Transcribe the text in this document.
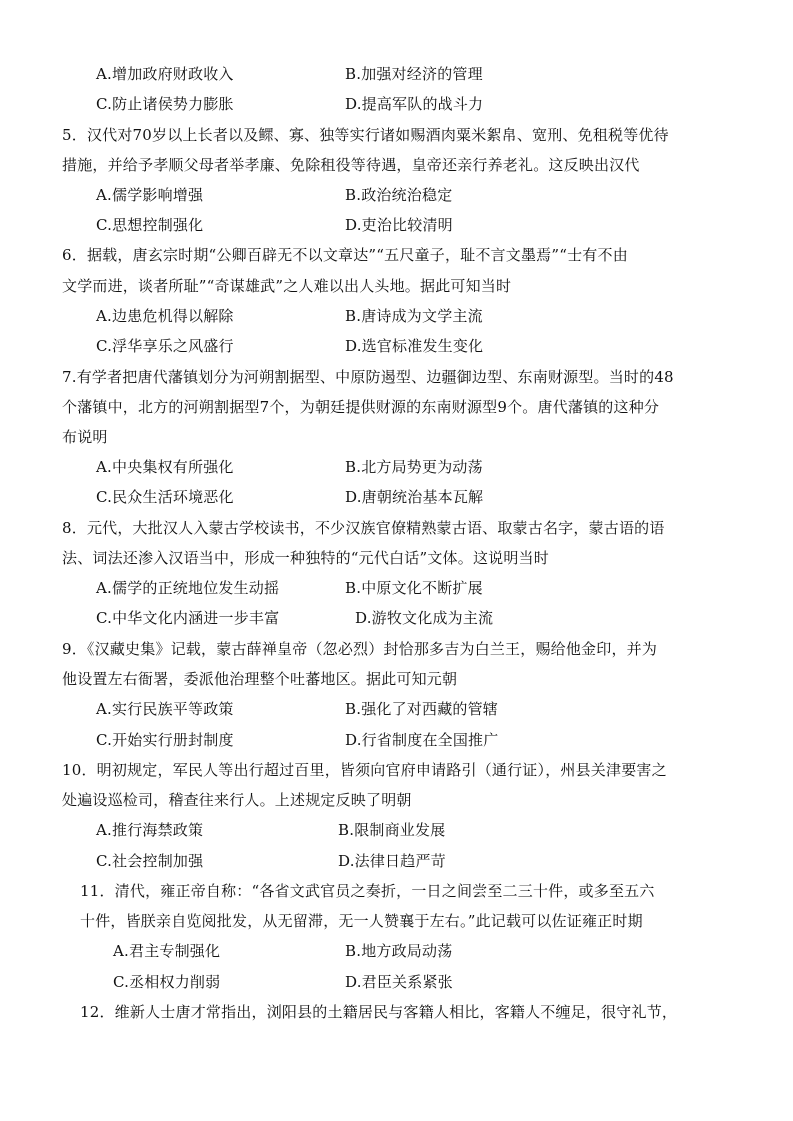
A.增加政府财政收入	B.加强对经济的管理
C.防止诸侯势力膨胀	D.提高军队的战斗力
5．汉代对70岁以上长者以及鳏、寡、独等实行诸如赐酒肉粟米絮帛、宽刑、免租税等优待
措施，并给予孝顺父母者举孝廉、免除租役等待遇，皇帝还亲行养老礼。这反映出汉代
A.儒学影响增强	B.政治统治稳定
C.思想控制强化	D.吏治比较清明
6．据载，唐玄宗时期“公卿百辟无不以文章达”“五尺童子，耻不言文墨焉”“士有不由
文学而进，谈者所耻”“奇谋雄武”之人难以出人头地。据此可知当时
A.边患危机得以解除	B.唐诗成为文学主流
C.浮华享乐之风盛行	D.选官标准发生变化
7.有学者把唐代藩镇划分为河朔割据型、中原防遏型、边疆御边型、东南财源型。当时的48
个藩镇中，北方的河朔割据型7个，为朝廷提供财源的东南财源型9个。唐代藩镇的这种分
布说明
A.中央集权有所强化	B.北方局势更为动荡
C.民众生活环境恶化	D.唐朝统治基本瓦解
8．元代，大批汉人入蒙古学校读书，不少汉族官僚精熟蒙古语、取蒙古名字，蒙古语的语
法、词法还渗入汉语当中，形成一种独特的“元代白话”文体。这说明当时
A.儒学的正统地位发生动摇	B.中原文化不断扩展
C.中华文化内涵进一步丰富	D.游牧文化成为主流
9．《汉藏史集》记载，蒙古薛禅皇帝（忽必烈）封恰那多吉为白兰王，赐给他金印，并为
他设置左右衙署，委派他治理整个吐蕃地区。据此可知元朝
A.实行民族平等政策	B.强化了对西藏的管辖
C.开始实行册封制度	D.行省制度在全国推广
10．明初规定，军民人等出行超过百里，皆须向官府申请路引（通行证），州县关津要害之
处遍设巡检司，稽查往来行人。上述规定反映了明朝
A.推行海禁政策	B.限制商业发展
C.社会控制加强	D.法律日趋严苛
11．清代，雍正帝自称：“各省文武官员之奏折，一日之间尝至二三十件，或多至五六
十件，皆朕亲自览阅批发，从无留滞，无一人赞襄于左右。”此记载可以佐证雍正时期
A.君主专制强化	B.地方政局动荡
C.丞相权力削弱	D.君臣关系紧张
12．维新人士唐才常指出，浏阳县的土籍居民与客籍人相比，客籍人不缠足，很守礼节，
